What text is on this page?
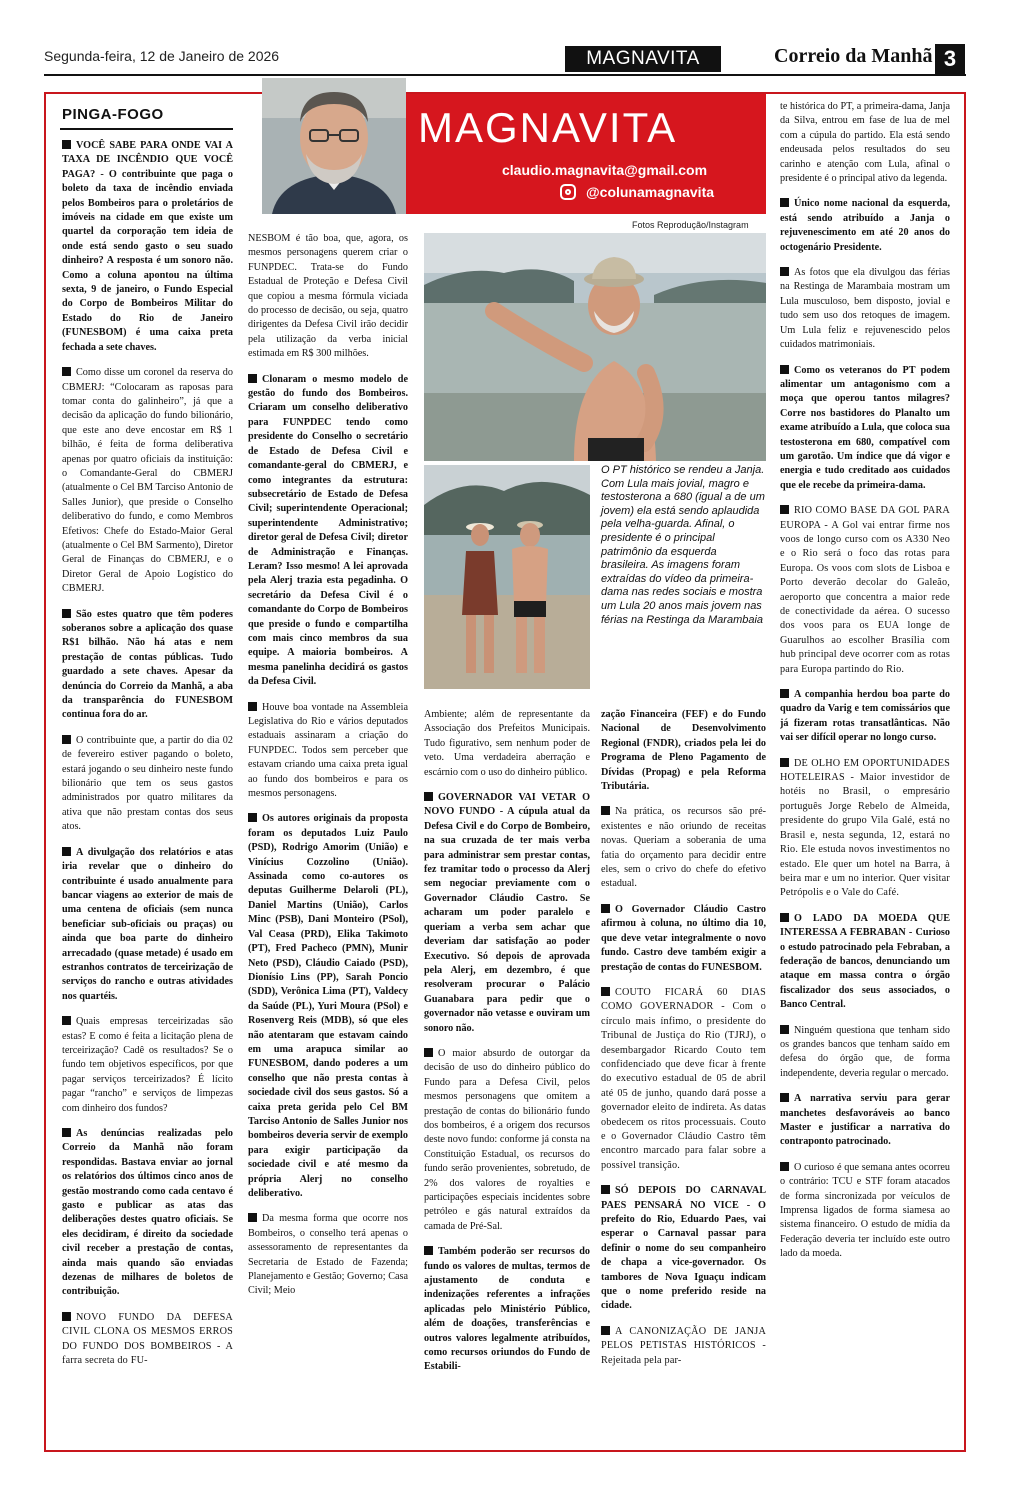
Segunda-feira, 12 de Janeiro de 2026	MAGNAVITA	Correio da Manhã 3
PINGA-FOGO	MAGNAVITA
claudio.magnavita@gmail.com
@colunamagnavita
Fotos Reprodução/Instagram
O PT histórico se rendeu a Janja. Com Lula mais jovial, magro e testosterona a 680 (igual a de um jovem) ela está sendo aplaudida pela velha-guarda. Afinal, o presidente é o principal patrimônio da esquerda brasileira. As imagens foram extraídas do vídeo da primeira-dama nas redes sociais e mostra um Lula 20 anos mais jovem nas férias na Restinga da Marambaia

VOCÊ SABE PARA ONDE VAI A TAXA DE INCÊNDIO QUE VOCÊ PAGA? - O contribuinte que paga o boleto da taxa de incêndio enviada pelos Bombeiros para o proletários de imóveis na cidade em que existe um quartel da corporação tem ideia de onde está sendo gasto o seu suado dinheiro? A resposta é um sonoro não. Como a coluna apontou na última sexta, 9 de janeiro, o Fundo Especial do Corpo de Bombeiros Militar do Estado do Rio de Janeiro (FUNESBOM) é uma caixa preta fechada a sete chaves.

Como disse um coronel da reserva do CBMERJ: “Colocaram as raposas para tomar conta do galinheiro”, já que a decisão da aplicação do fundo bilionário, que este ano deve encostar em R$ 1 bilhão, é feita de forma deliberativa apenas por quatro oficiais da instituição: o Comandante-Geral do CBMERJ (atualmente o Cel BM Tarciso Antonio de Salles Junior), que preside o Conselho deliberativo do fundo, e como Membros Efetivos: Chefe do Estado-Maior Geral (atualmente o Cel BM Sarmento), Diretor Geral de Finanças do CBMERJ, e o Diretor Geral de Apoio Logístico do CBMERJ.

São estes quatro que têm poderes soberanos sobre a aplicação dos quase R$1 bilhão. Não há atas e nem prestação de contas públicas. Tudo guardado a sete chaves. Apesar da denúncia do Correio da Manhã, a aba da transparência do FUNESBOM continua fora do ar.

O contribuinte que, a partir do dia 02 de fevereiro estiver pagando o boleto, estará jogando o seu dinheiro neste fundo bilionário que tem os seus gastos administrados por quatro militares da ativa que não prestam contas dos seus atos.

A divulgação dos relatórios e atas iria revelar que o dinheiro do contribuinte é usado anualmente para bancar viagens ao exterior de mais de uma centena de oficiais (sem nunca beneficiar sub-oficiais ou praças) ou ainda que boa parte do dinheiro arrecadado (quase metade) é usado em estranhos contratos de terceirização de serviços do rancho e outras atividades nos quartéis.

Quais empresas terceirizadas são estas? E como é feita a licitação plena de terceirização? Cadê os resultados? Se o fundo tem objetivos específicos, por que pagar serviços terceirizados? É lícito pagar “rancho” e serviços de limpezas com dinheiro dos fundos?

As denúncias realizadas pelo Correio da Manhã não foram respondidas. Bastava enviar ao jornal os relatórios dos últimos cinco anos de gestão mostrando como cada centavo é gasto e publicar as atas das deliberações destes quatro oficiais. Se eles decidiram, é direito da sociedade civil receber a prestação de contas, ainda mais quando são enviadas dezenas de milhares de boletos de contribuição.

NOVO FUNDO DA DEFESA CIVIL CLONA OS MESMOS ERROS DO FUNDO DOS BOMBEIROS - A farra secreta do FU-

NESBOM é tão boa, que, agora, os mesmos personagens querem criar o FUNPDEC. Trata-se do Fundo Estadual de Proteção e Defesa Civil que copiou a mesma fórmula viciada do processo de decisão, ou seja, quatro dirigentes da Defesa Civil irão decidir pela utilização da verba inicial estimada em R$ 300 milhões.

Clonaram o mesmo modelo de gestão do fundo dos Bombeiros. Criaram um conselho deliberativo para FUNPDEC tendo como presidente do Conselho o secretário de Estado de Defesa Civil e comandante-geral do CBMERJ, e como integrantes da estrutura: subsecretário de Estado de Defesa Civil; superintendente Operacional; superintendente Administrativo; diretor geral de Defesa Civil; diretor de Administração e Finanças. Leram? Isso mesmo! A lei aprovada pela Alerj trazia esta pegadinha. O secretário da Defesa Civil é o comandante do Corpo de Bombeiros que preside o fundo e compartilha com mais cinco membros da sua equipe. A maioria bombeiros. A mesma panelinha decidirá os gastos da Defesa Civil.

Houve boa vontade na Assembleia Legislativa do Rio e vários deputados estaduais assinaram a criação do FUNPDEC. Todos sem perceber que estavam criando uma caixa preta igual ao fundo dos bombeiros e para os mesmos personagens.

Os autores originais da proposta foram os deputados Luiz Paulo (PSD), Rodrigo Amorim (União) e Vinícius Cozzolino (União). Assinada como co-autores os deputas Guilherme Delaroli (PL), Daniel Martins (União), Carlos Minc (PSB), Dani Monteiro (PSol), Val Ceasa (PRD), Elika Takimoto (PT), Fred Pacheco (PMN), Munir Neto (PSD), Cláudio Caiado (PSD), Dionísio Lins (PP), Sarah Poncio (SDD), Verônica Lima (PT), Valdecy da Saúde (PL), Yuri Moura (PSol) e Rosenverg Reis (MDB), só que eles não atentaram que estavam caindo em uma arapuca similar ao FUNESBOM, dando poderes a um conselho que não presta contas à sociedade civil dos seus gastos. Só a caixa preta gerida pelo Cel BM Tarciso Antonio de Salles Junior nos bombeiros deveria servir de exemplo para exigir participação da sociedade civil e até mesmo da própria Alerj no conselho deliberativo.

Da mesma forma que ocorre nos Bombeiros, o conselho terá apenas o assessoramento de representantes da Secretaria de Estado de Fazenda; Planejamento e Gestão; Governo; Casa Civil; Meio

Ambiente; além de representante da Associação dos Prefeitos Municipais. Tudo figurativo, sem nenhum poder de veto. Uma verdadeira aberração e escárnio com o uso do dinheiro público.

GOVERNADOR VAI VETAR O NOVO FUNDO - A cúpula atual da Defesa Civil e do Corpo de Bombeiro, na sua cruzada de ter mais verba para administrar sem prestar contas, fez tramitar todo o processo da Alerj sem negociar previamente com o Governador Cláudio Castro. Se acharam um poder paralelo e queriam a verba sem achar que deveriam dar satisfação ao poder Executivo. Só depois de aprovada pela Alerj, em dezembro, é que resolveram procurar o Palácio Guanabara para pedir que o governador não vetasse e ouviram um sonoro não.

O maior absurdo de outorgar da decisão de uso do dinheiro público do Fundo para a Defesa Civil, pelos mesmos personagens que omitem a prestação de contas do bilionário fundo dos bombeiros, é a origem dos recursos deste novo fundo: conforme já consta na Constituição Estadual, os recursos do fundo serão provenientes, sobretudo, de 2% dos valores de royalties e participações especiais incidentes sobre petróleo e gás natural extraídos da camada de Pré-Sal.

Também poderão ser recursos do fundo os valores de multas, termos de ajustamento de conduta e indenizações referentes a infrações aplicadas pelo Ministério Público, além de doações, transferências e outros valores legalmente atribuídos, como recursos oriundos do Fundo de Estabili-

zação Financeira (FEF) e do Fundo Nacional de Desenvolvimento Regional (FNDR), criados pela lei do Programa de Pleno Pagamento de Dívidas (Propag) e pela Reforma Tributária.

Na prática, os recursos são pré-existentes e não oriundo de receitas novas. Queriam a soberania de uma fatia do orçamento para decidir entre eles, sem o crivo do chefe do efetivo estadual.

O Governador Cláudio Castro afirmou à coluna, no último dia 10, que deve vetar integralmente o novo fundo. Castro deve também exigir a prestação de contas do FUNESBOM.

COUTO FICARÁ 60 DIAS COMO GOVERNADOR - Com o círculo mais ínfimo, o presidente do Tribunal de Justiça do Rio (TJRJ), o desembargador Ricardo Couto tem confidenciado que deve ficar à frente do executivo estadual de 05 de abril até 05 de junho, quando dará posse a governador eleito de indireta. As datas obedecem os ritos processuais. Couto e o Governador Cláudio Castro têm encontro marcado para falar sobre a possível transição.

SÓ DEPOIS DO CARNAVAL PAES PENSARÁ NO VICE - O prefeito do Rio, Eduardo Paes, vai esperar o Carnaval passar para definir o nome do seu companheiro de chapa a vice-governador. Os tambores de Nova Iguaçu indicam que o nome preferido reside na cidade.

A CANONIZAÇÃO DE JANJA PELOS PETISTAS HISTÓRICOS - Rejeitada pela par-

te histórica do PT, a primeira-dama, Janja da Silva, entrou em fase de lua de mel com a cúpula do partido. Ela está sendo endeusada pelos resultados do seu carinho e atenção com Lula, afinal o presidente é o principal ativo da legenda.

Único nome nacional da esquerda, está sendo atribuído a Janja o rejuvenescimento em até 20 anos do octogenário Presidente.

As fotos que ela divulgou das férias na Restinga de Marambaia mostram um Lula musculoso, bem disposto, jovial e tudo sem uso dos retoques de imagem. Um Lula feliz e rejuvenescido pelos cuidados matrimoniais.

Como os veteranos do PT podem alimentar um antagonismo com a moça que operou tantos milagres? Corre nos bastidores do Planalto um exame atribuído a Lula, que coloca sua testosterona em 680, compatível com um garotão. Um índice que dá vigor e energia e tudo creditado aos cuidados que ele recebe da primeira-dama.

RIO COMO BASE DA GOL PARA EUROPA - A Gol vai entrar firme nos voos de longo curso com os A330 Neo e o Rio será o foco das rotas para Europa. Os voos com slots de Lisboa e Porto deverão decolar do Galeão, aeroporto que concentra a maior rede de conectividade da aérea. O sucesso dos voos para os EUA longe de Guarulhos ao escolher Brasília com hub principal deve ocorrer com as rotas para Europa partindo do Rio.

A companhia herdou boa parte do quadro da Varig e tem comissários que já fizeram rotas transatlânticas. Não vai ser difícil operar no longo curso.

DE OLHO EM OPORTUNIDADES HOTELEIRAS - Maior investidor de hotéis no Brasil, o empresário português Jorge Rebelo de Almeida, presidente do grupo Vila Galé, está no Brasil e, nesta segunda, 12, estará no Rio. Ele estuda novos investimentos no estado. Ele quer um hotel na Barra, à beira mar e um no interior. Quer visitar Petrópolis e o Vale do Café.

O LADO DA MOEDA QUE INTERESSA A FEBRABAN - Curioso o estudo patrocinado pela Febraban, a federação de bancos, denunciando um ataque em massa contra o órgão fiscalizador dos seus associados, o Banco Central.

Ninguém questiona que tenham sido os grandes bancos que tenham saído em defesa do órgão que, de forma independente, deveria regular o mercado.

A narrativa serviu para gerar manchetes desfavoráveis ao banco Master e justificar a narrativa do contraponto patrocinado.

O curioso é que semana antes ocorreu o contrário: TCU e STF foram atacados de forma sincronizada por veículos de Imprensa ligados de forma siamesa ao sistema financeiro. O estudo de mídia da Federação deveria ter incluído este outro lado da moeda.
